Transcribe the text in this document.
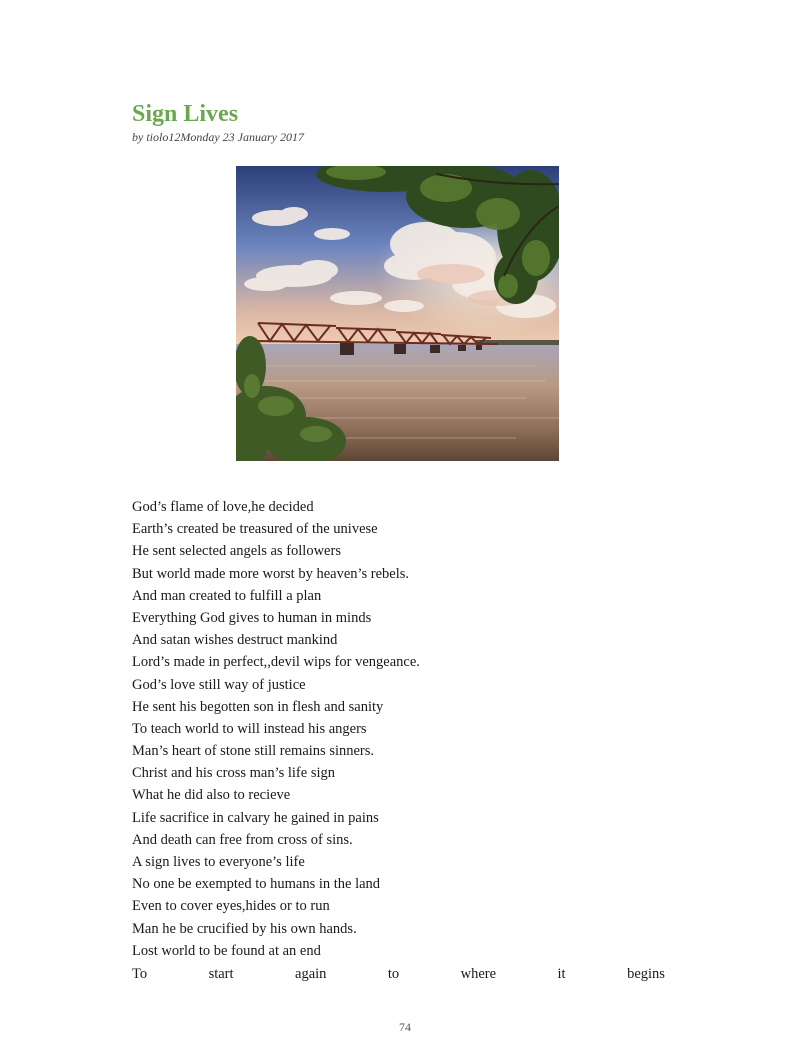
Sign Lives

by tiolo12Monday 23 January 2017

God’s flame of love,he decided
Earth’s created be treasured of the univese
He sent selected angels as followers
But world made more worst by heaven’s rebels.
And man created to fulfill a plan
Everything God gives to human in minds
And satan wishes destruct mankind
Lord’s made in perfect,,devil wips for vengeance.
God’s love still way of justice
He sent his begotten son in flesh and sanity
To teach world to will instead his angers
Man’s heart of stone still remains sinners.
Christ and his cross man’s life sign
What he did also to recieve
Life sacrifice in calvary he gained in pains
And death can free from cross of sins.
A sign lives to everyone’s life
No one be exempted to humans in the land
Even to cover eyes,hides or to run
Man he be crucified by his own hands.
Lost world to be found at an end
To	start	again	to	where	it	begins
74
